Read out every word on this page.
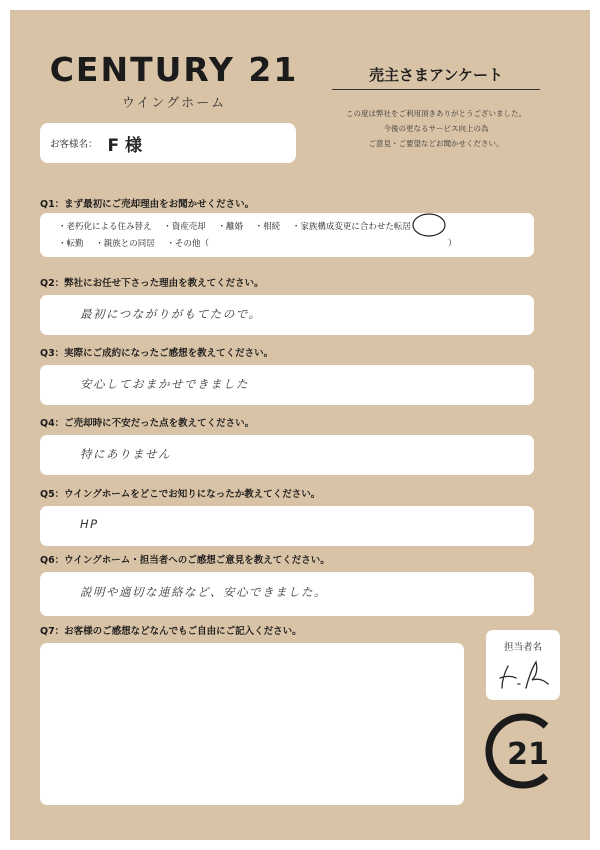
CENTURY 21
ウイングホーム
売主さまアンケート
この度は弊社をご利用頂きありがとうございました。
今後の更なるサービス向上の為
ご意見・ご要望などお聞かせください。
お客様名： F 様
Q1：まず最初にご売却理由をお聞かせください。
・老朽化による住み替え ・資産売却 ・離婚 ・相続 ・家族構成変更に合わせた転居
・転勤 ・親族との同居 ・その他（	）
Q2：弊社にお任せ下さった理由を教えてください。
最初につながりがもてたので。
Q3：実際にご成約になったご感想を教えてください。
安心しておまかせできました
Q4：ご売却時に不安だった点を教えてください。
特にありません
Q5：ウイングホームをどこでお知りになったか教えてください。
HP
Q6：ウイングホーム・担当者へのご感想ご意見を教えてください。
説明や適切な連絡など、安心できました。
Q7：お客様のご感想などなんでもご自由にご記入ください。
担当者名
21
